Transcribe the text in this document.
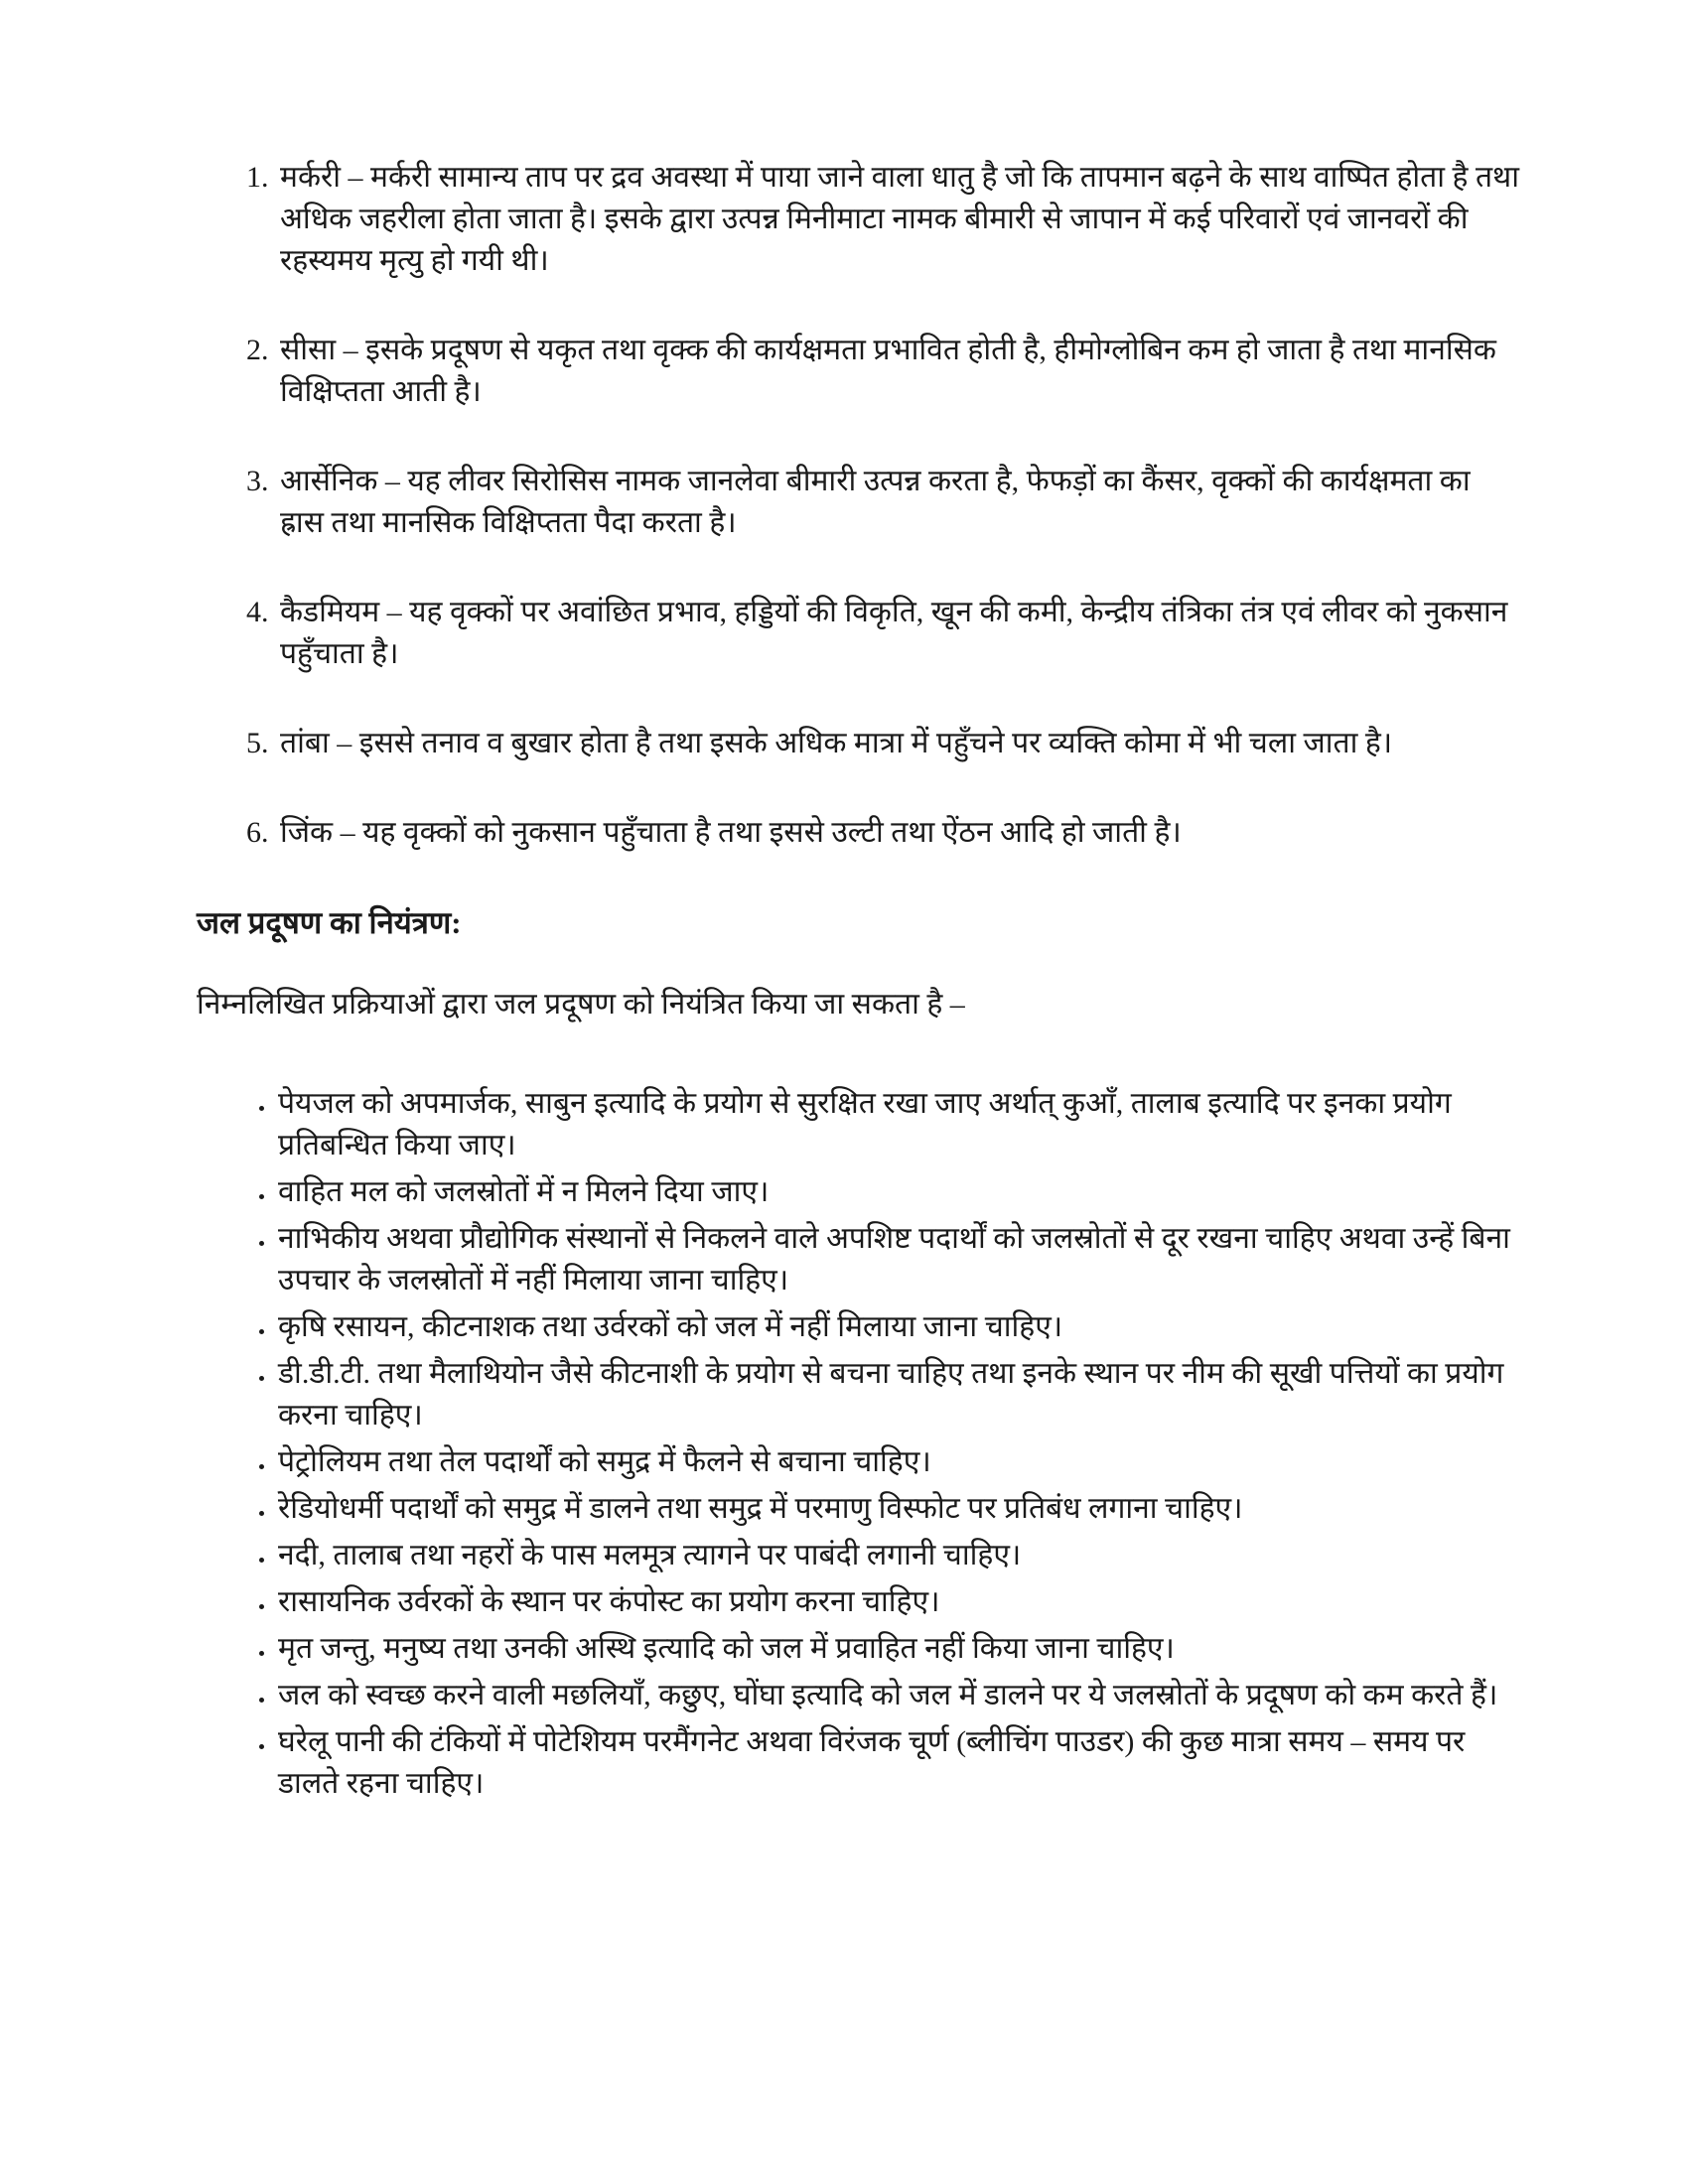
1. मर्करी – मर्करी सामान्य ताप पर द्रव अवस्था में पाया जाने वाला धातु है जो कि तापमान बढ़ने के साथ वाष्पित होता है तथा अधिक जहरीला होता जाता है। इसके द्वारा उत्पन्न मिनीमाटा नामक बीमारी से जापान में कई परिवारों एवं जानवरों की रहस्यमय मृत्यु हो गयी थी।
2. सीसा – इसके प्रदूषण से यकृत तथा वृक्क की कार्यक्षमता प्रभावित होती है, हीमोग्लोबिन कम हो जाता है तथा मानसिक विक्षिप्तता आती है।
3. आर्सेनिक – यह लीवर सिरोसिस नामक जानलेवा बीमारी उत्पन्न करता है, फेफड़ों का कैंसर, वृक्कों की कार्यक्षमता का ह्रास तथा मानसिक विक्षिप्तता पैदा करता है।
4. कैडमियम – यह वृक्कों पर अवांछित प्रभाव, हड्डियों की विकृति, खून की कमी, केन्द्रीय तंत्रिका तंत्र एवं लीवर को नुकसान पहुँचाता है।
5. तांबा – इससे तनाव व बुखार होता है तथा इसके अधिक मात्रा में पहुँचने पर व्यक्ति कोमा में भी चला जाता है।
6. जिंक – यह वृक्कों को नुकसान पहुँचाता है तथा इससे उल्टी तथा ऐंठन आदि हो जाती है।
जल प्रदूषण का नियंत्रण:

निम्नलिखित प्रक्रियाओं द्वारा जल प्रदूषण को नियंत्रित किया जा सकता है –

• पेयजल को अपमार्जक, साबुन इत्यादि के प्रयोग से सुरक्षित रखा जाए अर्थात् कुआँ, तालाब इत्यादि पर इनका प्रयोग प्रतिबन्धित किया जाए।
• वाहित मल को जलस्रोतों में न मिलने दिया जाए।
• नाभिकीय अथवा प्रौद्योगिक संस्थानों से निकलने वाले अपशिष्ट पदार्थों को जलस्रोतों से दूर रखना चाहिए अथवा उन्हें बिना उपचार के जलस्रोतों में नहीं मिलाया जाना चाहिए।
• कृषि रसायन, कीटनाशक तथा उर्वरकों को जल में नहीं मिलाया जाना चाहिए।
• डी.डी.टी. तथा मैलाथियोन जैसे कीटनाशी के प्रयोग से बचना चाहिए तथा इनके स्थान पर नीम की सूखी पत्तियों का प्रयोग करना चाहिए।
• पेट्रोलियम तथा तेल पदार्थों को समुद्र में फैलने से बचाना चाहिए।
• रेडियोधर्मी पदार्थों को समुद्र में डालने तथा समुद्र में परमाणु विस्फोट पर प्रतिबंध लगाना चाहिए।
• नदी, तालाब तथा नहरों के पास मलमूत्र त्यागने पर पाबंदी लगानी चाहिए।
• रासायनिक उर्वरकों के स्थान पर कंपोस्ट का प्रयोग करना चाहिए।
• मृत जन्तु, मनुष्य तथा उनकी अस्थि इत्यादि को जल में प्रवाहित नहीं किया जाना चाहिए।
• जल को स्वच्छ करने वाली मछलियाँ, कछुए, घोंघा इत्यादि को जल में डालने पर ये जलस्रोतों के प्रदूषण को कम करते हैं।
• घरेलू पानी की टंकियों में पोटेशियम परमैंगनेट अथवा विरंजक चूर्ण (ब्लीचिंग पाउडर) की कुछ मात्रा समय – समय पर डालते रहना चाहिए।
